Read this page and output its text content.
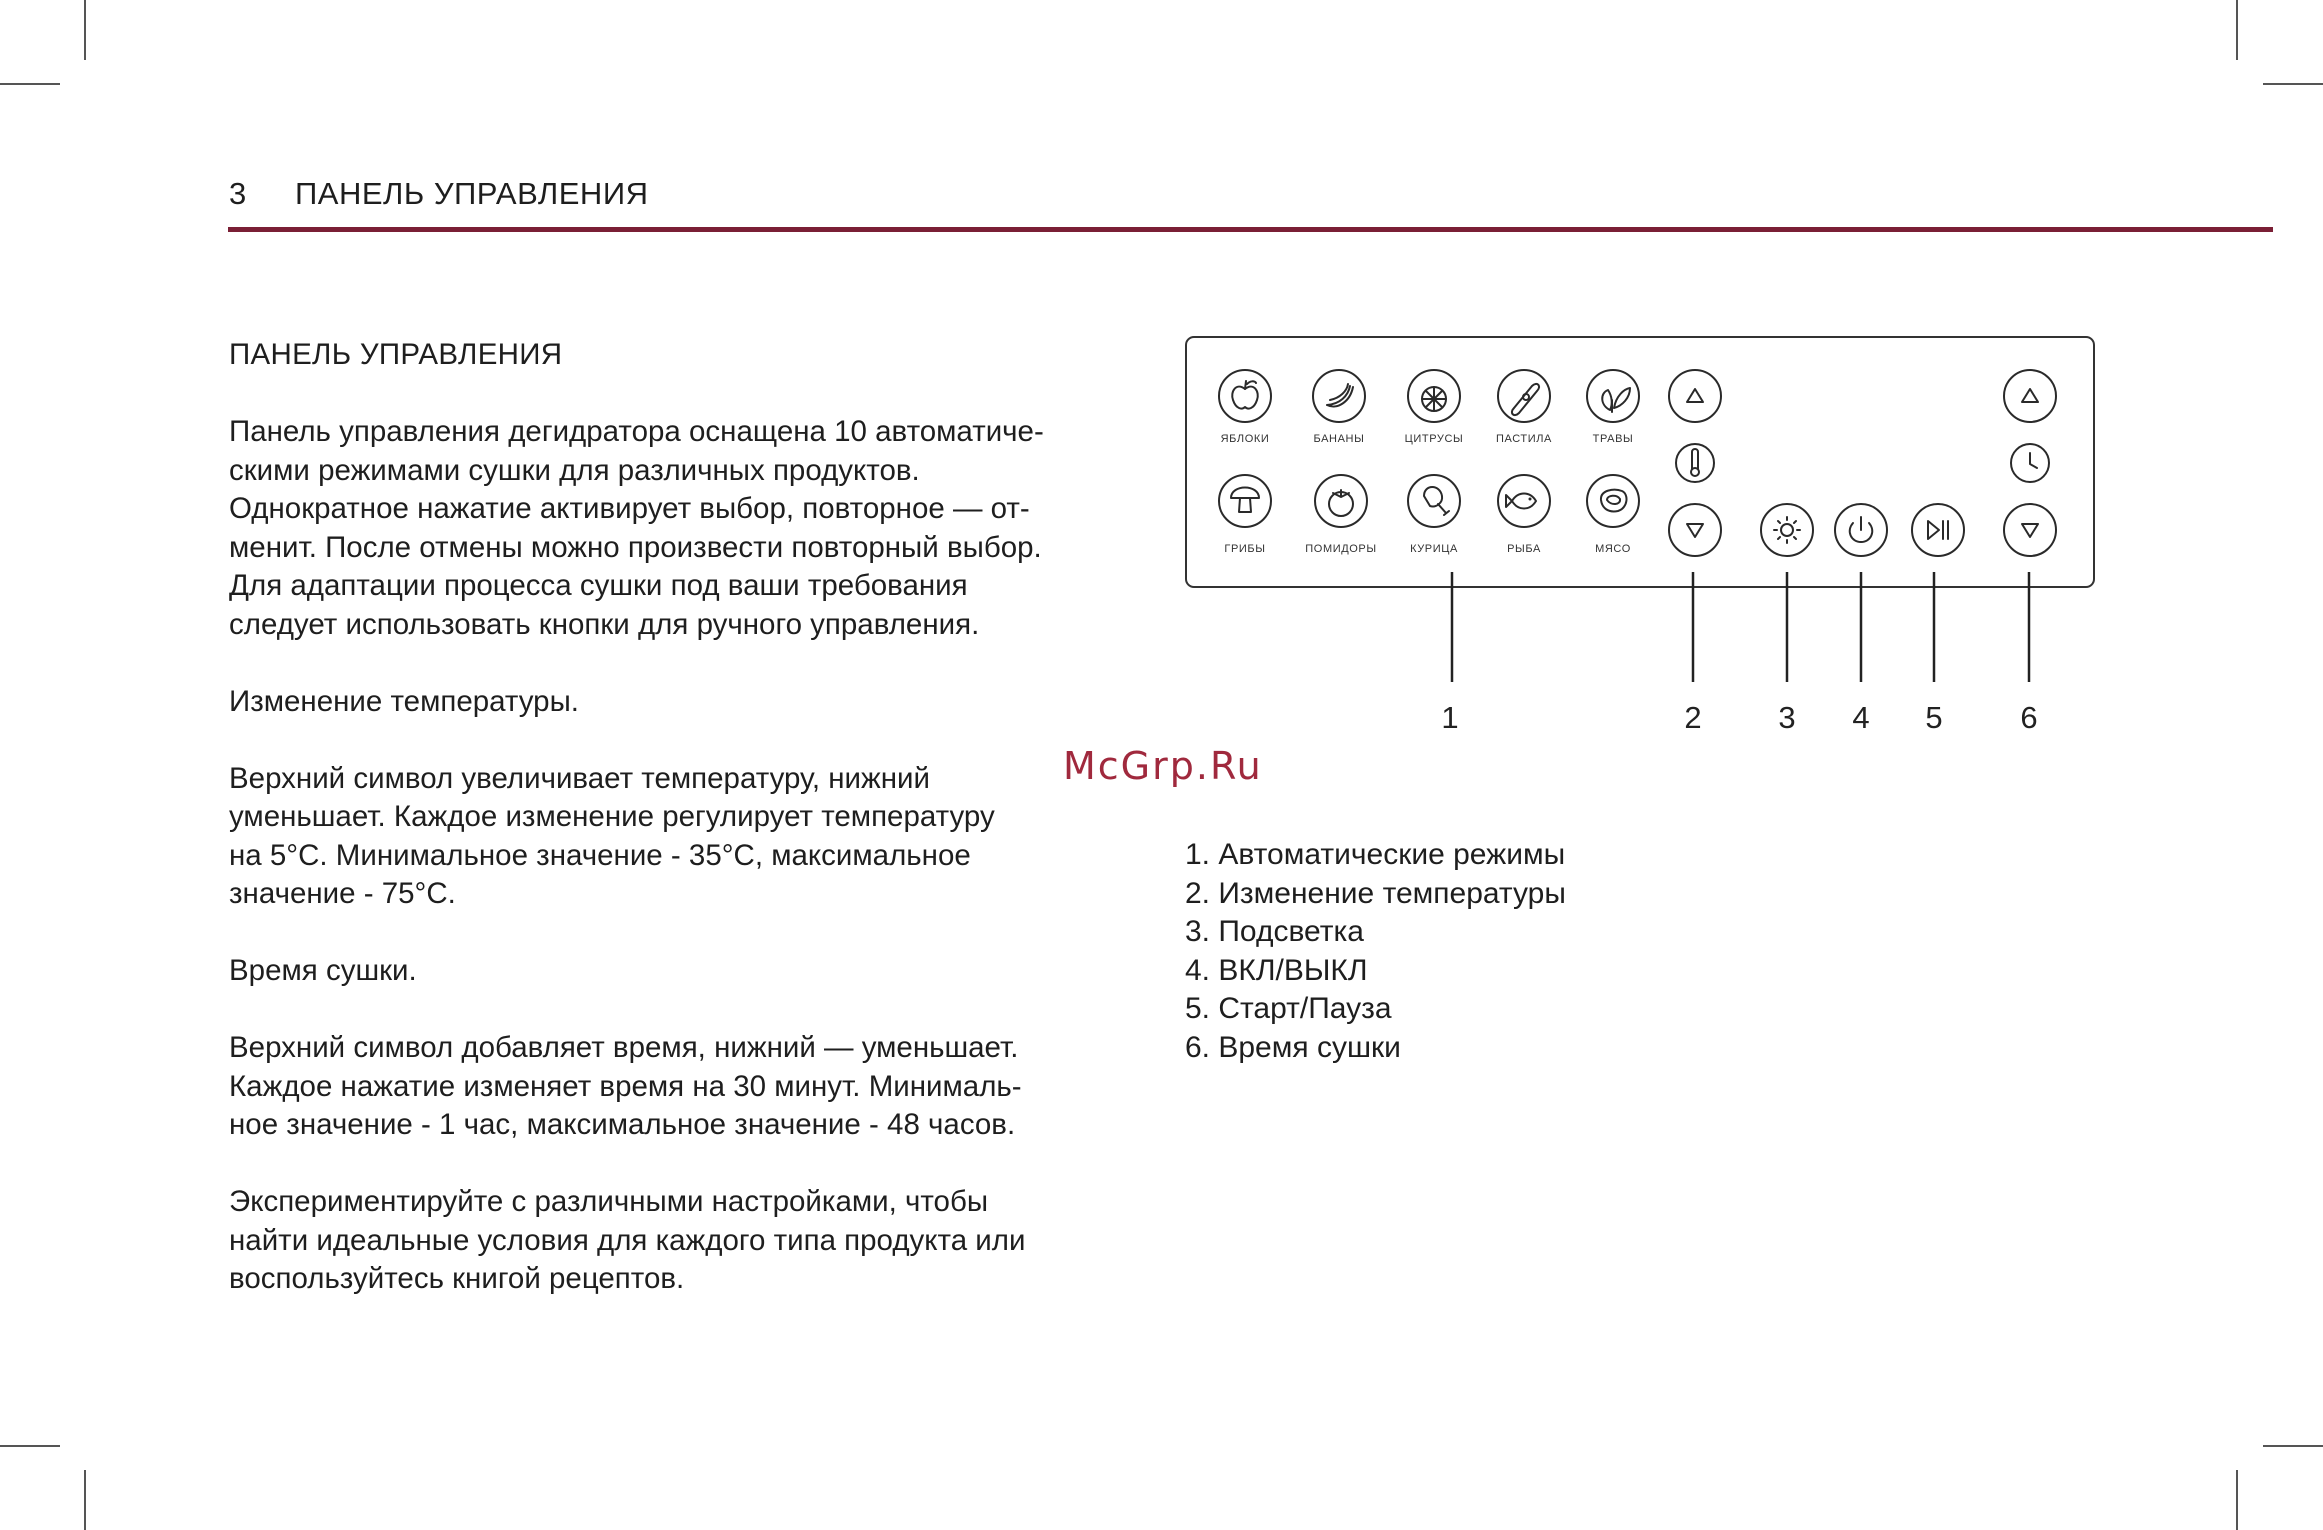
3 ПАНЕЛЬ УПРАВЛЕНИЯ
ПАНЕЛЬ УПРАВЛЕНИЯ

Панель управления дегидратора оснащена 10 автоматиче-
скими режимами сушки для различных продуктов.
Однократное нажатие активирует выбор, повторное — от-
менит. После отмены можно произвести повторный выбор.
Для адаптации процесса сушки под ваши требования
следует использовать кнопки для ручного управления.

Изменение температуры.

Верхний символ увеличивает температуру, нижний
уменьшает. Каждое изменение регулирует температуру
на 5°С. Минимальное значение - 35°С, максимальное
значение - 75°С.

Время сушки.

Верхний символ добавляет время, нижний — уменьшает.
Каждое нажатие изменяет время на 30 минут. Минималь-
ное значение - 1 час, максимальное значение - 48 часов.

Экспериментируйте с различными настройками, чтобы
найти идеальные условия для каждого типа продукта или
воспользуйтесь книгой рецептов.

McGrp.Ru
ЯБЛОКИ	БАНАНЫ	ЦИТРУСЫ	ПАСТИЛА	ТРАВЫ
ГРИБЫ	ПОМИДОРЫ	КУРИЦА	РЫБА	МЯСО
1	2 3 4 5	6
1. Автоматические режимы
2. Изменение температуры
3. Подсветка
4. ВКЛ/ВЫКЛ
5. Старт/Пауза
6. Время сушки
